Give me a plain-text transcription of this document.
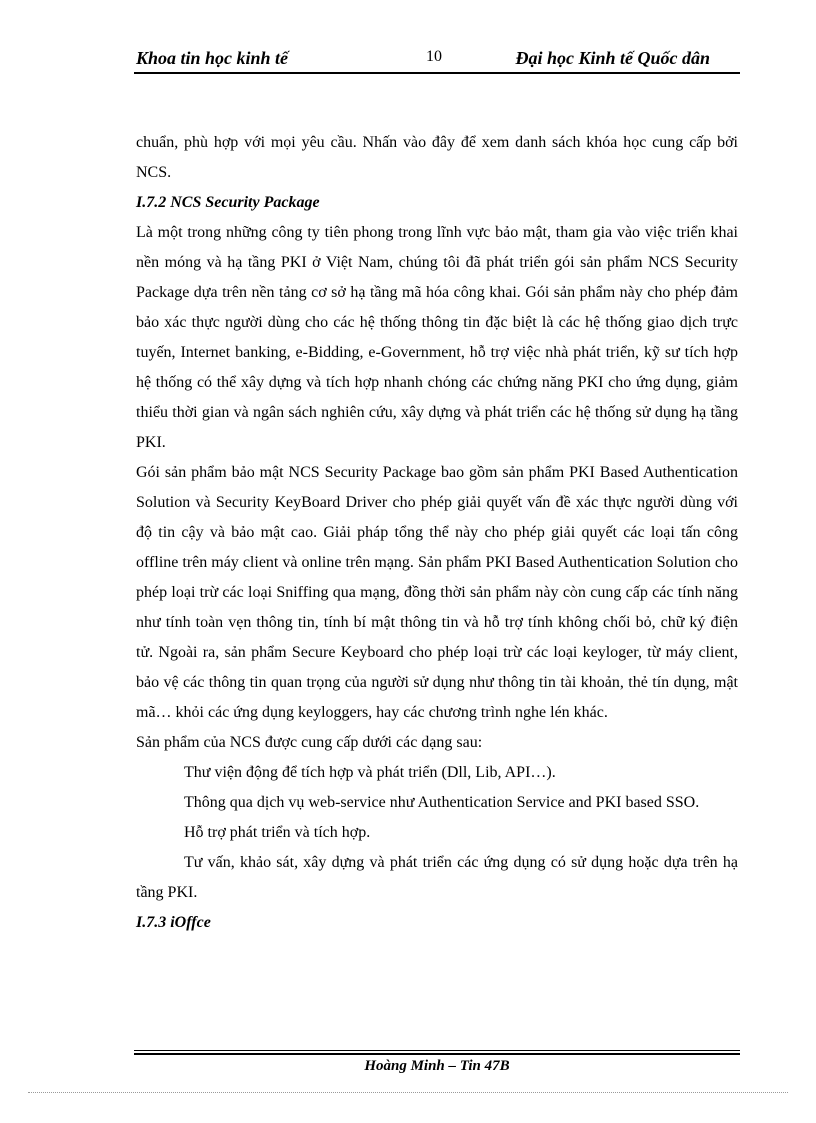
Khoa tin học kinh tế	10	Đại học Kinh tế Quốc dân

chuẩn, phù hợp với mọi yêu cầu. Nhấn vào đây để xem danh sách khóa học cung cấp bởi NCS.

I.7.2 NCS Security Package

Là một trong những công ty tiên phong trong lĩnh vực bảo mật, tham gia vào việc triển khai nền móng và hạ tầng PKI ở Việt Nam, chúng tôi đã phát triển gói sản phẩm NCS Security Package dựa trên nền tảng cơ sở hạ tầng mã hóa công khai. Gói sản phẩm này cho phép đảm bảo xác thực người dùng cho các hệ thống thông tin đặc biệt là các hệ thống giao dịch trực tuyến, Internet banking, e-Bidding, e-Government, hỗ trợ việc nhà phát triển, kỹ sư tích hợp hệ thống có thể xây dựng và tích hợp nhanh chóng các chứng năng PKI cho ứng dụng, giảm thiểu thời gian và ngân sách nghiên cứu, xây dựng và phát triển các hệ thống sử dụng hạ tầng PKI.

Gói sản phẩm bảo mật NCS Security Package bao gồm sản phẩm PKI Based Authentication Solution và Security KeyBoard Driver cho phép giải quyết vấn đề xác thực người dùng với độ tin cậy và bảo mật cao. Giải pháp tổng thể này cho phép giải quyết các loại tấn công offline trên máy client và online trên mạng. Sản phẩm PKI Based Authentication Solution cho phép loại trừ các loại Sniffing qua mạng, đồng thời sản phẩm này còn cung cấp các tính năng như tính toàn vẹn thông tin, tính bí mật thông tin và hỗ trợ tính không chối bỏ, chữ ký điện tử. Ngoài ra, sản phẩm Secure Keyboard cho phép loại trừ các loại keyloger, từ máy client, bảo vệ các thông tin quan trọng của người sử dụng như thông tin tài khoản, thẻ tín dụng, mật mã… khỏi các ứng dụng keyloggers, hay các chương trình nghe lén khác.

Sản phẩm của NCS được cung cấp dưới các dạng sau:

Thư viện động để tích hợp và phát triển (Dll, Lib, API…).

Thông qua dịch vụ web-service như Authentication Service and PKI based SSO.

Hỗ trợ phát triển và tích hợp.

Tư vấn, khảo sát, xây dựng và phát triển các ứng dụng có sử dụng hoặc dựa trên hạ tầng PKI.

I.7.3 iOffce

Hoàng Minh – Tin 47B
